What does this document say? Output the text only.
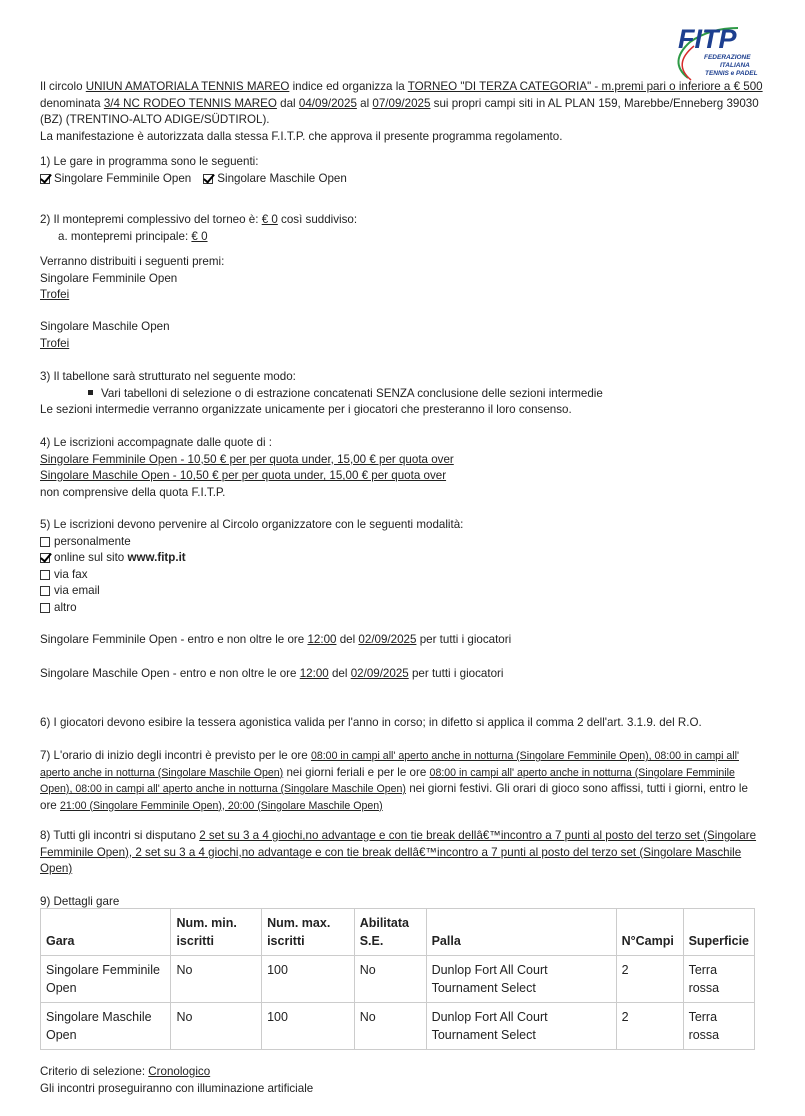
FITP
FEDERAZIONE
ITALIANA
TENNIS e PADEL
Il circolo UNIUN AMATORIALA TENNIS MAREO indice ed organizza la TORNEO "DI TERZA CATEGORIA" - m.premi pari o inferiore a € 500 denominata 3/4 NC RODEO TENNIS MAREO dal 04/09/2025 al 07/09/2025 sui propri campi siti in AL PLAN 159, Marebbe/Enneberg 39030 (BZ) (TRENTINO-ALTO ADIGE/SÜDTIROL).
La manifestazione è autorizzata dalla stessa F.I.T.P. che approva il presente programma regolamento.
1) Le gare in programma sono le seguenti:
Singolare Femminile Open Singolare Maschile Open
2) Il montepremi complessivo del torneo è: € 0 così suddiviso:
a. montepremi principale: € 0
Verranno distribuiti i seguenti premi:
Singolare Femminile Open
Trofei
Singolare Maschile Open
Trofei
3) Il tabellone sarà strutturato nel seguente modo:
Vari tabelloni di selezione o di estrazione concatenati SENZA conclusione delle sezioni intermedie
Le sezioni intermedie verranno organizzate unicamente per i giocatori che presteranno il loro consenso.
4) Le iscrizioni accompagnate dalle quote di :
Singolare Femminile Open - 10,50 € per per quota under, 15,00 € per quota over
Singolare Maschile Open - 10,50 € per per quota under, 15,00 € per quota over
non comprensive della quota F.I.T.P.
5) Le iscrizioni devono pervenire al Circolo organizzatore con le seguenti modalità:
personalmente
online sul sito
www.fitp.it
via fax
via email
altro
Singolare Femminile Open - entro e non oltre le ore 12:00 del 02/09/2025 per tutti i giocatori
Singolare Maschile Open - entro e non oltre le ore 12:00 del 02/09/2025 per tutti i giocatori
6) I giocatori devono esibire la tessera agonistica valida per l'anno in corso; in difetto si applica il comma 2 dell'art. 3.1.9. del R.O.
7) L'orario di inizio degli incontri è previsto per le ore 08:00 in campi all' aperto anche in notturna (Singolare Femminile Open), 08:00 in campi all' aperto anche in notturna (Singolare Maschile Open) nei giorni feriali e per le ore 08:00 in campi all' aperto anche in notturna (Singolare Femminile Open), 08:00 in campi all' aperto anche in notturna (Singolare Maschile Open) nei giorni festivi. Gli orari di gioco sono affissi, tutti i giorni, entro le ore 21:00 (Singolare Femminile Open), 20:00 (Singolare Maschile Open)
8) Tutti gli incontri si disputano 2 set su 3 a 4 giochi,no advantage e con tie break dellâ€™incontro a 7 punti al posto del terzo set (Singolare Femminile Open), 2 set su 3 a 4 giochi,no advantage e con tie break dellâ€™incontro a 7 punti al posto del terzo set (Singolare Maschile Open)
9) Dettagli gare
Gara	Num. min. iscritti	Num. max. iscritti	Abilitata S.E.	Palla	N°Campi	Superficie
Singolare Femminile Open	No	100	No	Dunlop Fort All Court Tournament Select	2	Terra rossa
Singolare Maschile Open	No	100	No	Dunlop Fort All Court Tournament Select	2	Terra rossa
Criterio di selezione: Cronologico
Gli incontri proseguiranno con illuminazione artificiale
